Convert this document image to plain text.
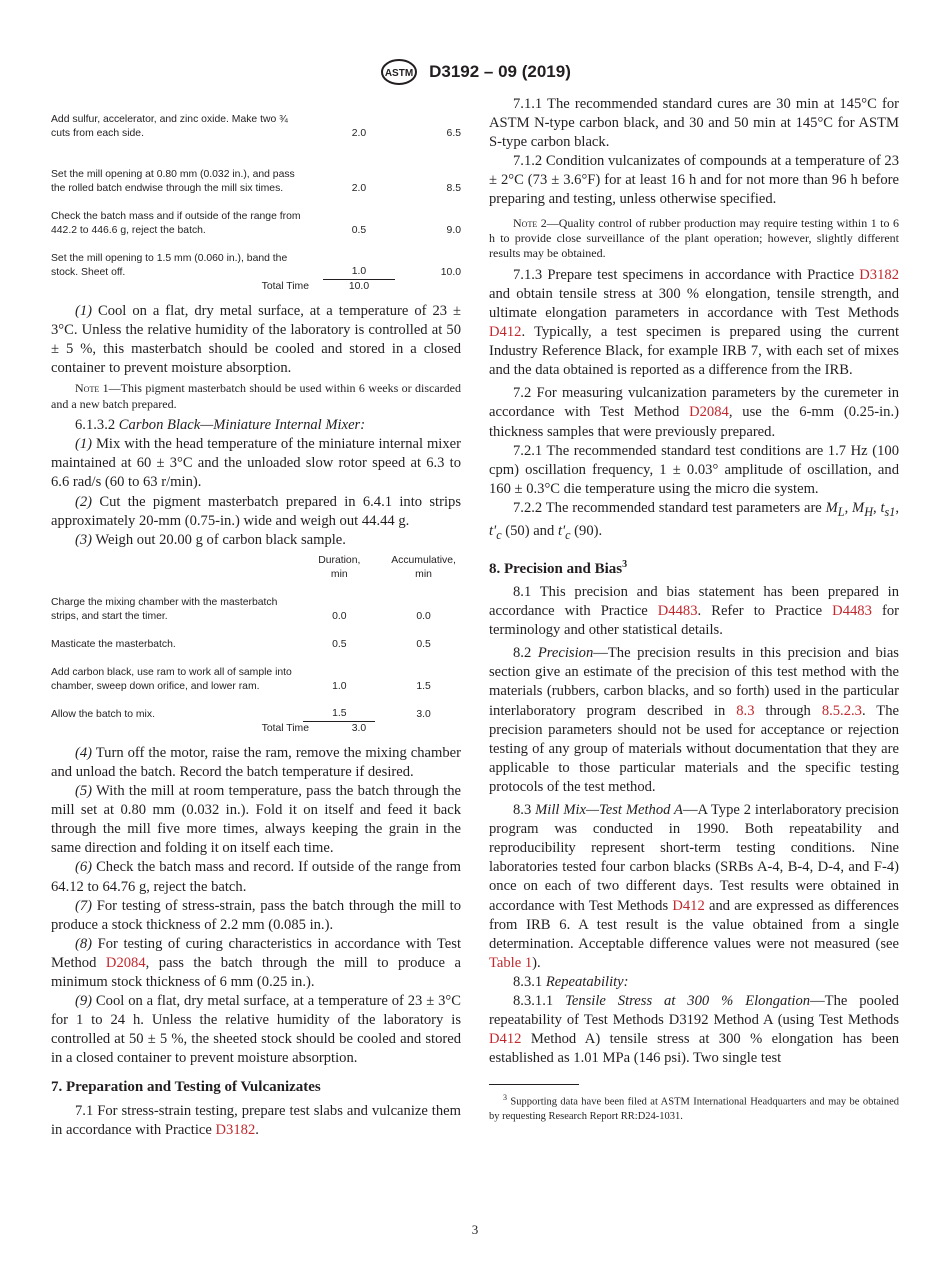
ASTM D3192 – 09 (2019)
Add sulfur, accelerator, and zinc oxide. Make two ¾ cuts from each side.	2.0	6.5
Set the mill opening at 0.80 mm (0.032 in.), and pass the rolled batch endwise through the mill six times.	2.0	8.5
Check the batch mass and if outside of the range from 442.2 to 446.6 g, reject the batch.	0.5	9.0
Set the mill opening to 1.5 mm (0.060 in.), band the stock. Sheet off.	1.0	10.0
Total Time	10.0

(1) Cool on a flat, dry metal surface, at a temperature of 23 ± 3°C. Unless the relative humidity of the laboratory is controlled at 50 ± 5 %, this masterbatch should be cooled and stored in a closed container to prevent moisture absorption.

Note 1—This pigment masterbatch should be used within 6 weeks or discarded and a new batch prepared.

6.1.3.2 Carbon Black—Miniature Internal Mixer:

(1) Mix with the head temperature of the miniature internal mixer maintained at 60 ± 3°C and the unloaded slow rotor speed at 6.3 to 6.6 rad/s (60 to 63 r/min).

(2) Cut the pigment masterbatch prepared in 6.4.1 into strips approximately 20-mm (0.75-in.) wide and weigh out 44.44 g.

(3) Weigh out 20.00 g of carbon black sample.

Duration,
min
Accumulative,
min
Charge the mixing chamber with the masterbatch strips, and start the timer.	0.0	0.0
Masticate the masterbatch.	0.5	0.5
Add carbon black, use ram to work all of sample into chamber, sweep down orifice, and lower ram.	1.0	1.5
Allow the batch to mix.	1.5	3.0
Total Time	3.0

(4) Turn off the motor, raise the ram, remove the mixing chamber and unload the batch. Record the batch temperature if desired.

(5) With the mill at room temperature, pass the batch through the mill set at 0.80 mm (0.032 in.). Fold it on itself and feed it back through the mill five more times, always keeping the grain in the same direction and folding it on itself each time.

(6) Check the batch mass and record. If outside of the range from 64.12 to 64.76 g, reject the batch.

(7) For testing of stress-strain, pass the batch through the mill to produce a stock thickness of 2.2 mm (0.085 in.).

(8) For testing of curing characteristics in accordance with Test Method D2084, pass the batch through the mill to produce a minimum stock thickness of 6 mm (0.25 in.).

(9) Cool on a flat, dry metal surface, at a temperature of 23 ± 3°C for 1 to 24 h. Unless the relative humidity of the laboratory is controlled at 50 ± 5 %, the sheeted stock should be cooled and stored in a closed container to prevent moisture absorption.

7. Preparation and Testing of Vulcanizates

7.1 For stress-strain testing, prepare test slabs and vulcanize them in accordance with Practice D3182.

7.1.1 The recommended standard cures are 30 min at 145°C for ASTM N-type carbon black, and 30 and 50 min at 145°C for ASTM S-type carbon black.

7.1.2 Condition vulcanizates of compounds at a temperature of 23 ± 2°C (73 ± 3.6°F) for at least 16 h and for not more than 96 h before preparing and testing, unless otherwise specified.

Note 2—Quality control of rubber production may require testing within 1 to 6 h to provide close surveillance of the plant operation; however, slightly different results may be obtained.

7.1.3 Prepare test specimens in accordance with Practice D3182 and obtain tensile stress at 300 % elongation, tensile strength, and ultimate elongation parameters in accordance with Test Methods D412. Typically, a test specimen is prepared using the current Industry Reference Black, for example IRB 7, with each set of mixes and the data obtained is reported as a difference from the IRB.

7.2 For measuring vulcanization parameters by the curemeter in accordance with Test Method D2084, use the 6-mm (0.25-in.) thickness samples that were previously prepared.

7.2.1 The recommended standard test conditions are 1.7 Hz (100 cpm) oscillation frequency, 1 ± 0.03° amplitude of oscillation, and 160 ± 0.3°C die temperature using the micro die system.

7.2.2 The recommended standard test parameters are $M_L$, $M_H$, $t_{s1}$, $t'_c$ (50) and $t'_c$ (90).

8. Precision and Bias$^3$

8.1 This precision and bias statement has been prepared in accordance with Practice D4483. Refer to Practice D4483 for terminology and other statistical details.

8.2 Precision—The precision results in this precision and bias section give an estimate of the precision of this test method with the materials (rubbers, carbon blacks, and so forth) used in the particular interlaboratory program described in 8.3 through 8.5.2.3. The precision parameters should not be used for acceptance or rejection testing of any group of materials without documentation that they are applicable to those particular materials and the specific testing protocols of the test method.

8.3 Mill Mix—Test Method A—A Type 2 interlaboratory precision program was conducted in 1990. Both repeatability and reproducibility represent short-term testing conditions. Nine laboratories tested four carbon blacks (SRBs A-4, B-4, D-4, and F-4) once on each of two different days. Test results were obtained in accordance with Test Methods D412 and are expressed as differences from IRB 6. A test result is the value obtained from a single determination. Acceptable difference values were not measured (see Table 1).

8.3.1 Repeatability:

8.3.1.1 Tensile Stress at 300 % Elongation—The pooled repeatability of Test Methods D3192 Method A (using Test Methods D412 Method A) tensile stress at 300 % elongation has been established as 1.01 MPa (146 psi). Two single test

$^3$ Supporting data have been filed at ASTM International Headquarters and may be obtained by requesting Research Report RR:D24-1031.

3
